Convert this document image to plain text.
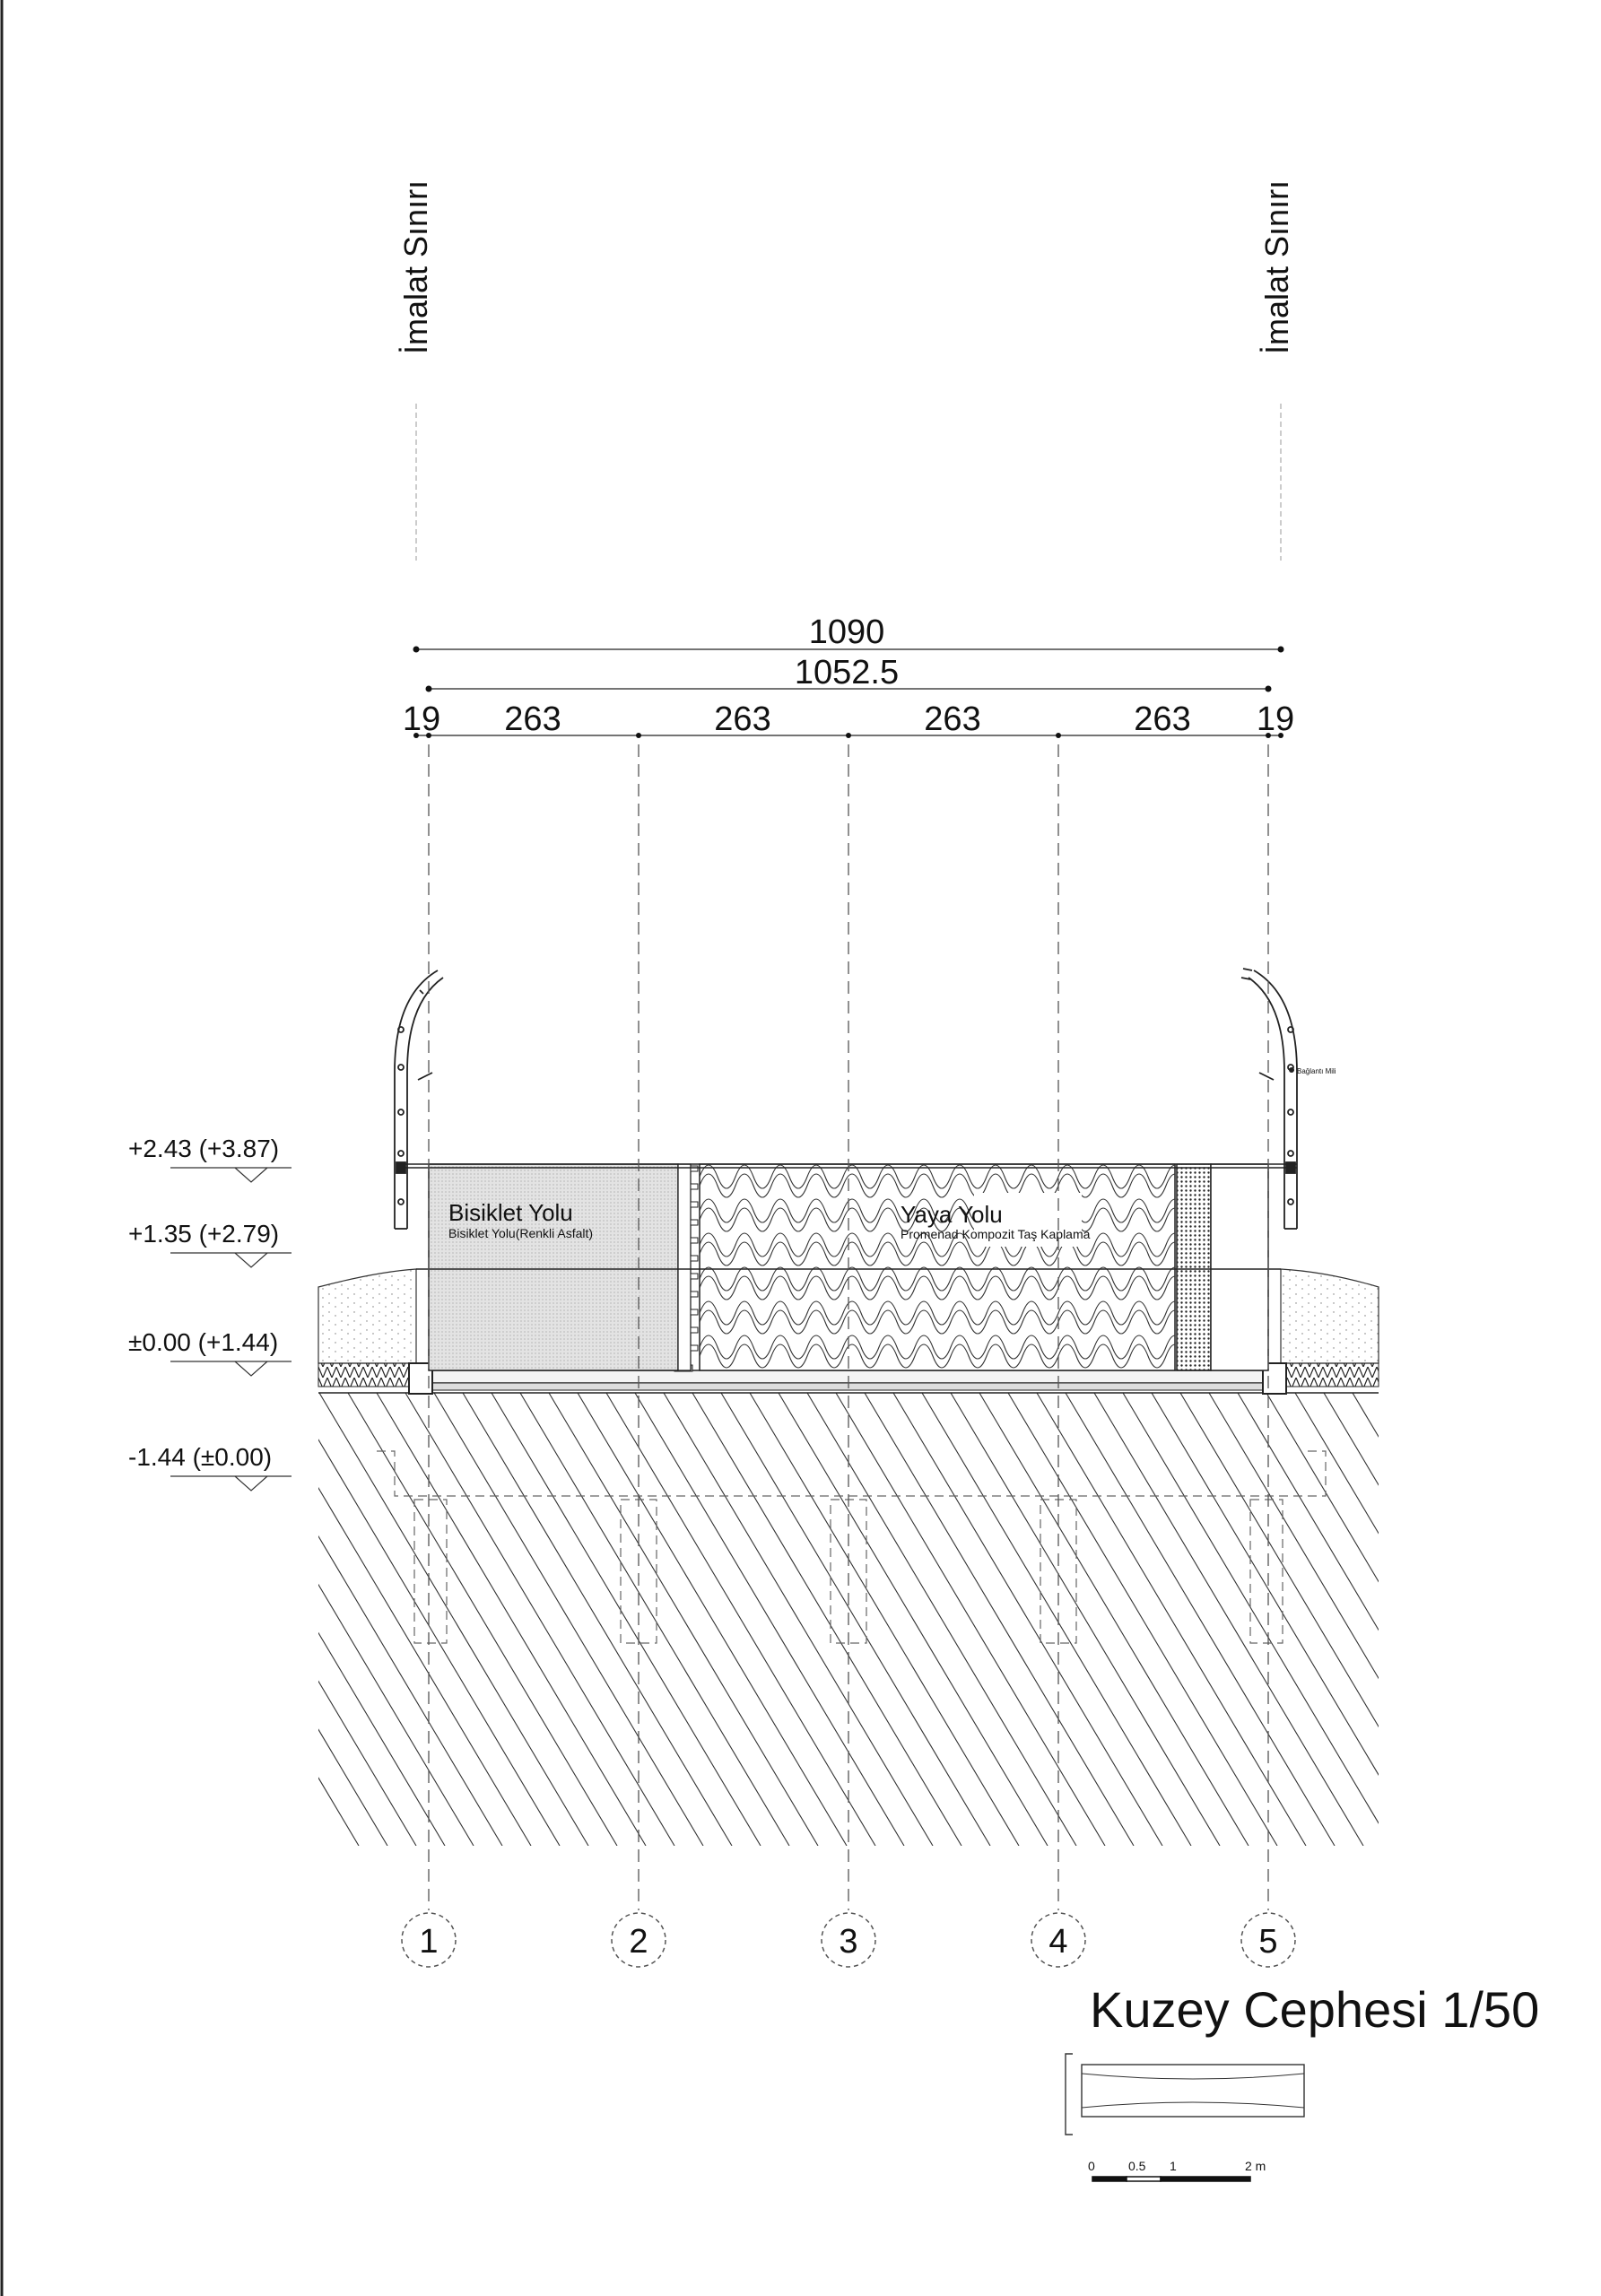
İmalat Sınırı	İmalat Sınırı
1090
1052.5
19 263	263	263	263 19
Bisiklet Yolu
Bisiklet Yolu(Renkli Asfalt)
Yaya Yolu
Promenad Kompozit Taş Kaplama
Bağlantı Mili
1	2	3	4	5
+2.43 (+3.87)
+1.35 (+2.79)
±0.00 (+1.44)
-1.44 (±0.00)
Kuzey Cephesi 1/50
0	0.5 1	2 m
